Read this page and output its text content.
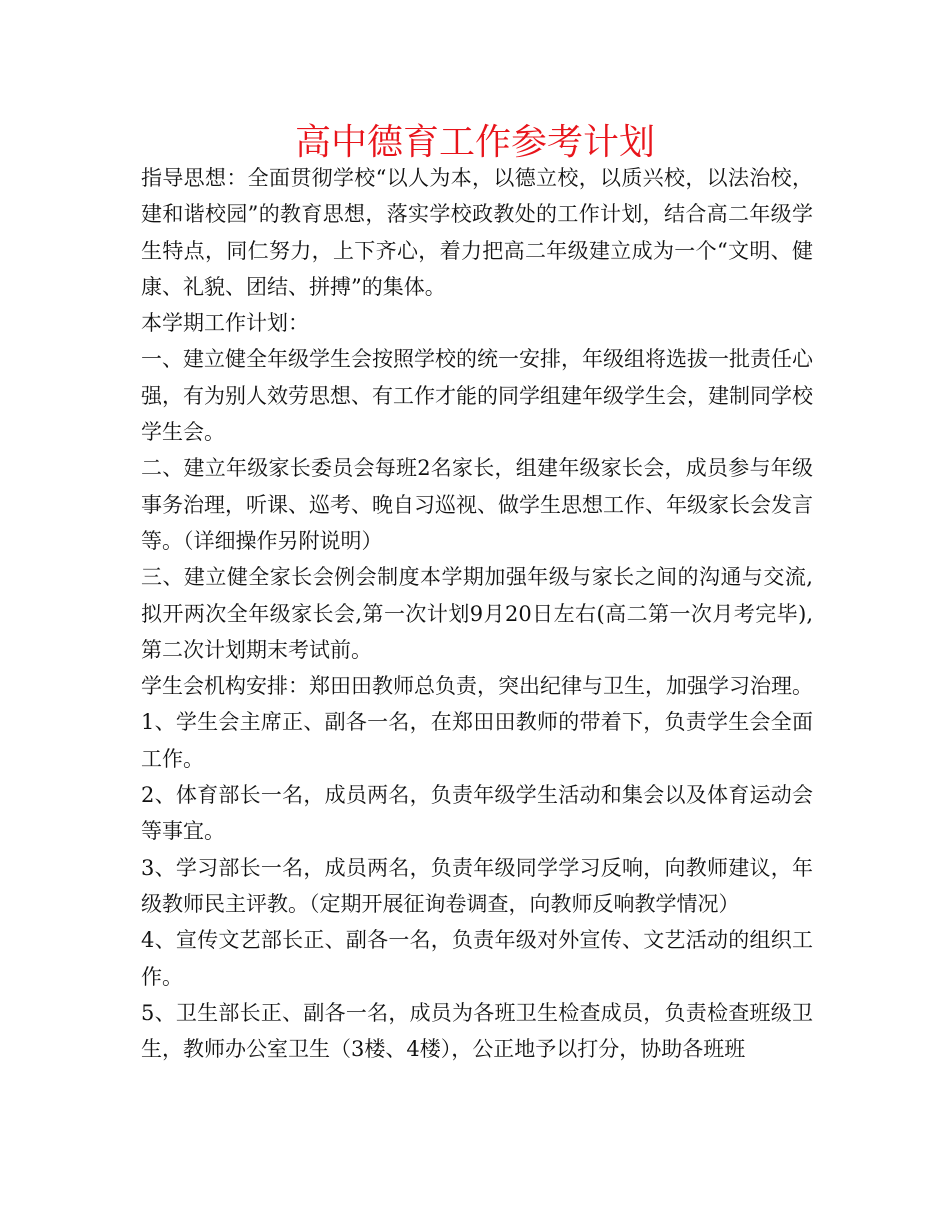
高中德育工作参考计划

指导思想：全面贯彻学校“以人为本，以德立校，以质兴校，以法治校，建和谐校园”的教育思想，落实学校政教处的工作计划，结合高二年级学生特点，同仁努力，上下齐心，着力把高二年级建立成为一个“文明、健康、礼貌、团结、拼搏”的集体。

本学期工作计划：

一、建立健全年级学生会按照学校的统一安排，年级组将选拔一批责任心强，有为别人效劳思想、有工作才能的同学组建年级学生会，建制同学校学生会。

二、建立年级家长委员会每班2名家长，组建年级家长会，成员参与年级事务治理，听课、巡考、晚自习巡视、做学生思想工作、年级家长会发言等。（详细操作另附说明）

三、建立健全家长会例会制度本学期加强年级与家长之间的沟通与交流,拟开两次全年级家长会,第一次计划9月20日左右(高二第一次月考完毕),第二次计划期末考试前。

学生会机构安排：郑田田教师总负责，突出纪律与卫生，加强学习治理。

1、学生会主席正、副各一名，在郑田田教师的带着下，负责学生会全面工作。

2、体育部长一名，成员两名，负责年级学生活动和集会以及体育运动会等事宜。

3、学习部长一名，成员两名，负责年级同学学习反响，向教师建议，年级教师民主评教。（定期开展征询卷调查，向教师反响教学情况）

4、宣传文艺部长正、副各一名，负责年级对外宣传、文艺活动的组织工作。

5、卫生部长正、副各一名，成员为各班卫生检查成员，负责检查班级卫生，教师办公室卫生（3楼、4楼），公正地予以打分，协助各班班
